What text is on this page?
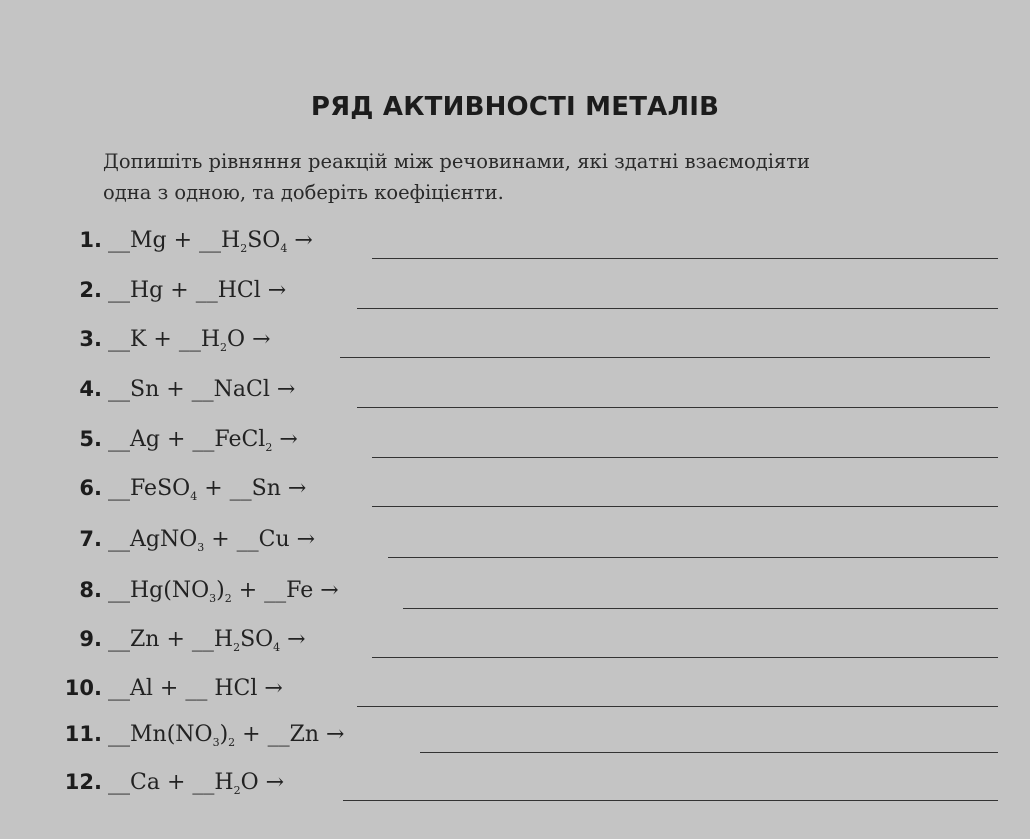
РЯД АКТИВНОСТІ МЕТАЛІВ
Допишіть рівняння реакцій між речовинами, які здатні взаємодіяти
одна з одною, та доберіть коефіцієнти.
1. __Mg + $\_\_H_2SO_4$ →
2. __Hg + __HCl →
3. __K + $\_\_H_2O$ →
4. __Sn + __NaCl →
5. __Ag + __FeCl$_2$ →
6. __FeSO$_4$ + __Sn →
7. __AgNO$_3$ + __Cu →
8. $\_\_Hg(NO_3)_2$ + __Fe →
9. __Zn + $\_\_H_2SO_4$ →
10. __Al + __ HCl →
11. $\_\_Mn(NO_3)_2$ + __Zn →
12. __Ca + $\_\_H_2O$ →
